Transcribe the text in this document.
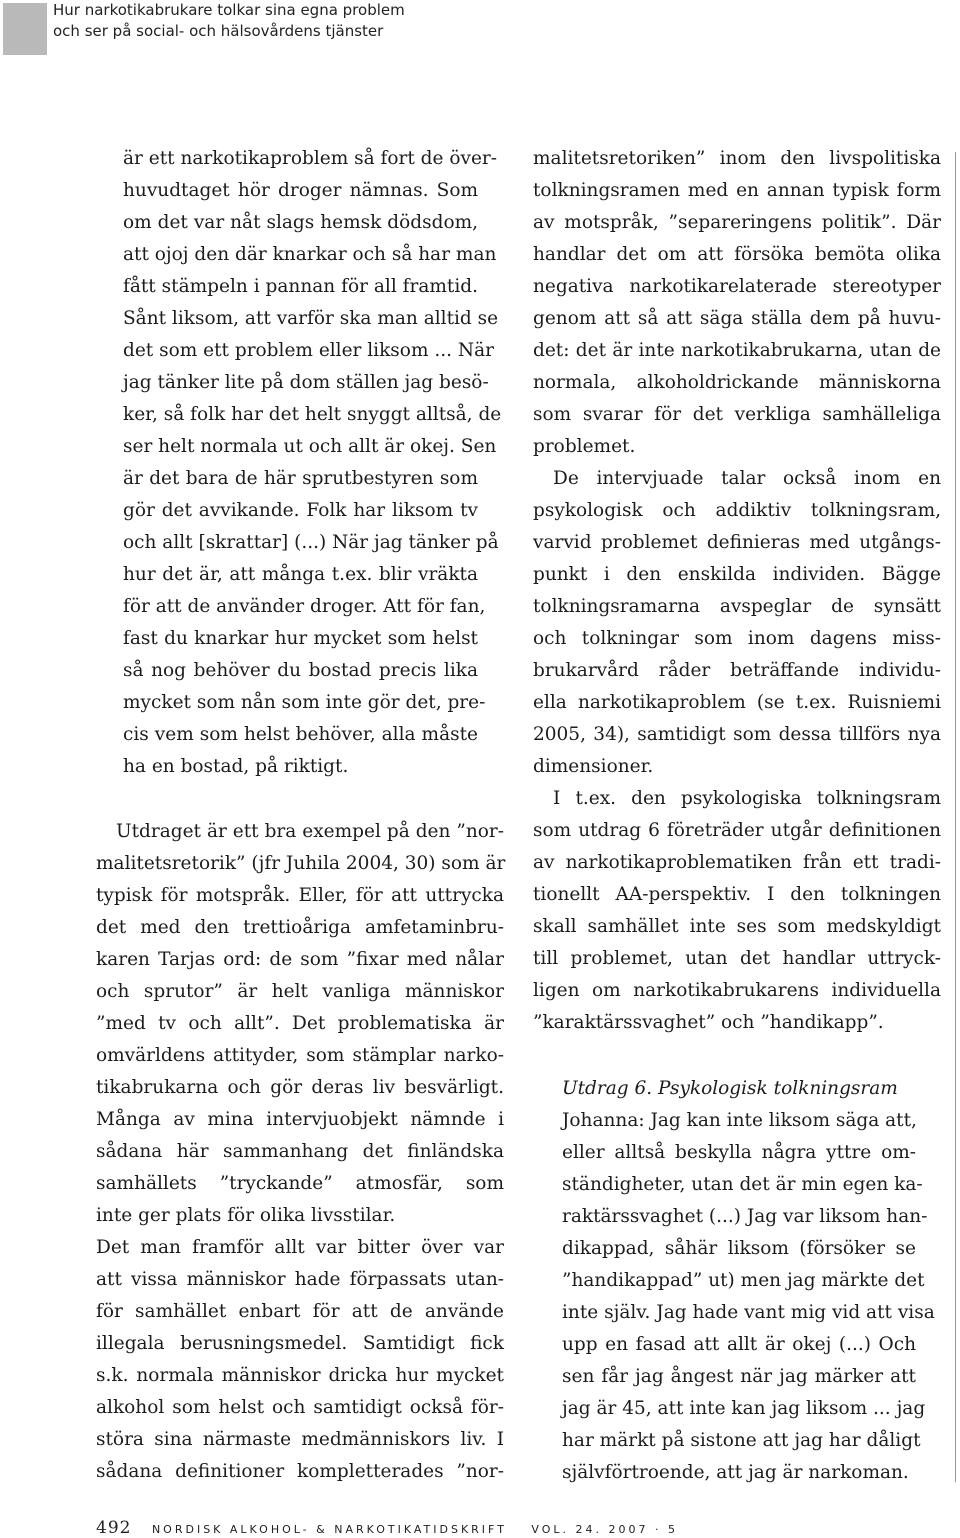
Hur narkotikabrukare tolkar sina egna problem
och ser på social- och hälsovårdens tjänster
är ett narkotikaproblem så fort de över-
huvudtaget hör droger nämnas. Som
om det var nåt slags hemsk dödsdom,
att ojoj den där knarkar och så har man
fått stämpeln i pannan för all framtid.
Sånt liksom, att varför ska man alltid se
det som ett problem eller liksom ... När
jag tänker lite på dom ställen jag besö-
ker, så folk har det helt snyggt alltså, de
ser helt normala ut och allt är okej. Sen
är det bara de här sprutbestyren som
gör det avvikande. Folk har liksom tv
och allt [skrattar] (...) När jag tänker på
hur det är, att många t.ex. blir vräkta
för att de använder droger. Att för fan,
fast du knarkar hur mycket som helst
så nog behöver du bostad precis lika
mycket som nån som inte gör det, pre-
cis vem som helst behöver, alla måste
ha en bostad, på riktigt.
Utdraget är ett bra exempel på den ”nor-
malitetsretorik” (jfr Juhila 2004, 30) som är
typisk för motspråk. Eller, för att uttrycka
det med den trettioåriga amfetaminbru-
karen Tarjas ord: de som ”fixar med nålar
och sprutor” är helt vanliga människor
”med tv och allt”. Det problematiska är
omvärldens attityder, som stämplar narko-
tikabrukarna och gör deras liv besvärligt.
Många av mina intervjuobjekt nämnde i
sådana här sammanhang det finländska
samhällets ”tryckande” atmosfär, som
inte ger plats för olika livsstilar.
Det man framför allt var bitter över var
att vissa människor hade förpassats utan-
för samhället enbart för att de använde
illegala berusningsmedel. Samtidigt fick
s.k. normala människor dricka hur mycket
alkohol som helst och samtidigt också för-
störa sina närmaste medmänniskors liv. I
sådana definitioner kompletterades ”nor-
malitetsretoriken” inom den livspolitiska
tolkningsramen med en annan typisk form
av motspråk, ”separeringens politik”. Där
handlar det om att försöka bemöta olika
negativa narkotikarelaterade stereotyper
genom att så att säga ställa dem på huvu-
det: det är inte narkotikabrukarna, utan de
normala, alkoholdrickande människorna
som svarar för det verkliga samhälleliga
problemet.
De intervjuade talar också inom en
psykologisk och addiktiv tolkningsram,
varvid problemet definieras med utgångs-
punkt i den enskilda individen. Bägge
tolkningsramarna avspeglar de synsätt
och tolkningar som inom dagens miss-
brukarvård råder beträffande individu-
ella narkotikaproblem (se t.ex. Ruisniemi
2005, 34), samtidigt som dessa tillförs nya
dimensioner.
I t.ex. den psykologiska tolkningsram
som utdrag 6 företräder utgår definitionen
av narkotikaproblematiken från ett tradi-
tionellt AA-perspektiv. I den tolkningen
skall samhället inte ses som medskyldigt
till problemet, utan det handlar uttryck-
ligen om narkotikabrukarens individuella
”karaktärssvaghet” och ”handikapp”.
Utdrag 6. Psykologisk tolkningsram
Johanna: Jag kan inte liksom säga att,
eller alltså beskylla några yttre om-
ständigheter, utan det är min egen ka-
raktärssvaghet (...) Jag var liksom han-
dikappad, såhär liksom (försöker se
”handikappad” ut) men jag märkte det
inte själv. Jag hade vant mig vid att visa
upp en fasad att allt är okej (...) Och
sen får jag ångest när jag märker att
jag är 45, att inte kan jag liksom ... jag
har märkt på sistone att jag har dåligt
självförtroende, att jag är narkoman.
492 NORDISK ALKOHOL- & NARKOTIKATIDSKRIFT VOL. 24. 2007 · 5
